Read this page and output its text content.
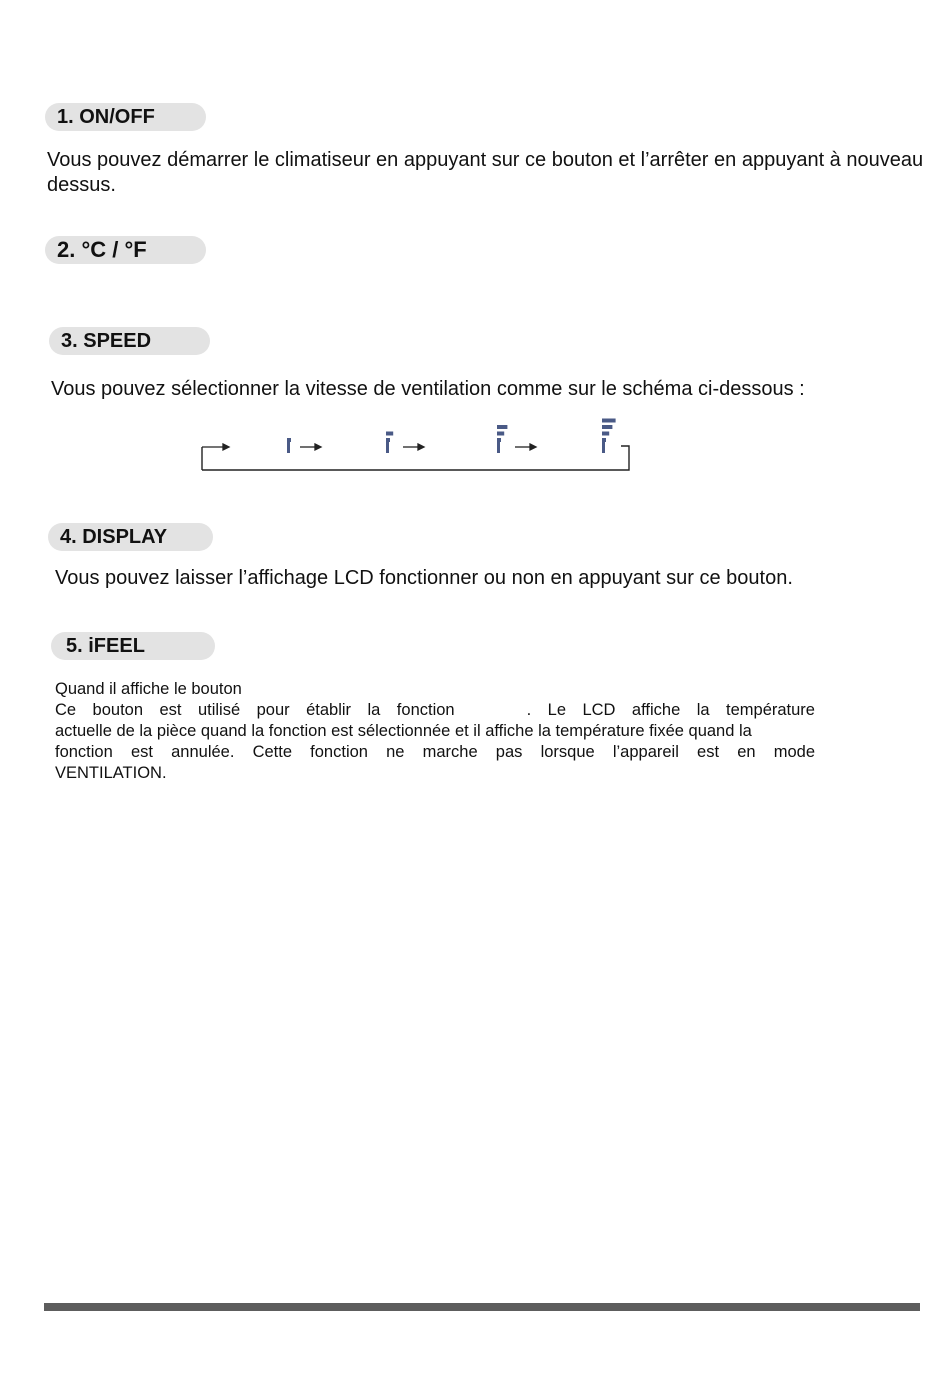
1. ON/OFF

Vous pouvez démarrer le climatiseur en appuyant sur ce bouton et l’arrêter en appuyant à nouveau dessus.

2. °C / °F
3. SPEED

Vous pouvez sélectionner la vitesse de ventilation comme sur le schéma ci-dessous :

4. DISPLAY

Vous pouvez laisser l’affichage LCD fonctionner ou non en appuyant sur ce bouton.

5. iFEEL
Quand il affiche le bouton
Ce bouton est utilisé pour établir la fonction	. Le LCD affiche la température
actuelle de la pièce quand la fonction est sélectionnée et il affiche la température fixée quand la
fonction est annulée. Cette fonction ne marche pas lorsque l’appareil est en mode
VENTILATION.
